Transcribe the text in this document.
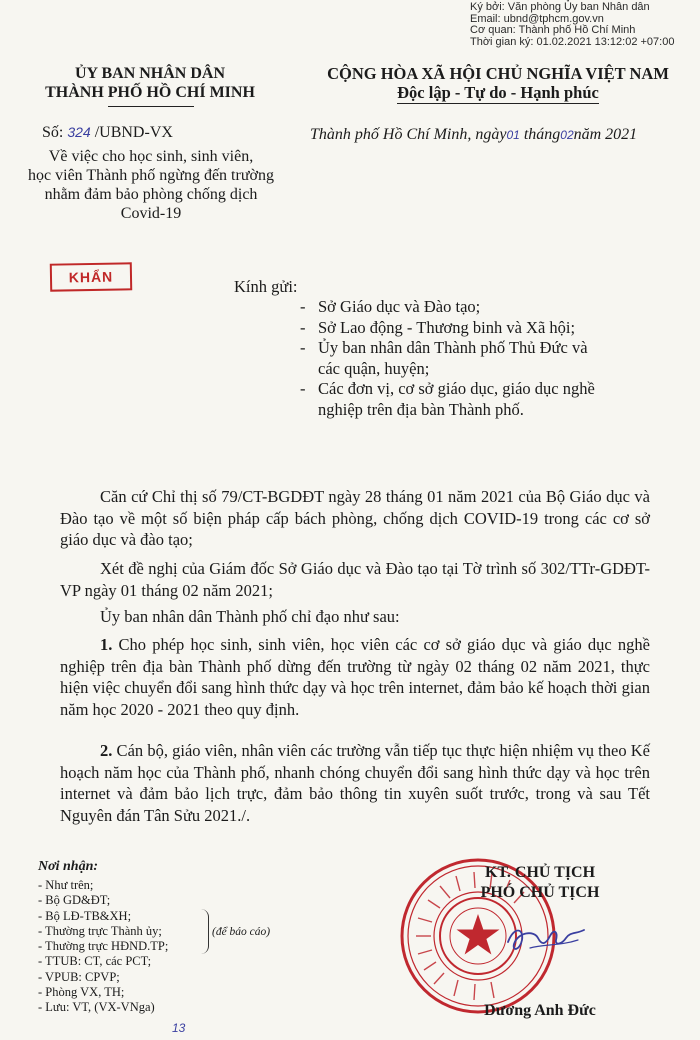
Ký bởi: Văn phòng Ủy ban Nhân dân
Email: ubnd@tphcm.gov.vn
Cơ quan: Thành phố Hồ Chí Minh
Thời gian ký: 01.02.2021 13:12:02 +07:00
ỦY BAN NHÂN DÂN
THÀNH PHỐ HỒ CHÍ MINH
CỘNG HÒA XÃ HỘI CHỦ NGHĨA VIỆT NAM
Độc lập - Tự do - Hạnh phúc
Số: 324 /UBND-VX
Về việc cho học sinh, sinh viên,
học viên Thành phố ngừng đến trường
nhằm đảm bảo phòng chống dịch
Covid-19
Thành phố Hồ Chí Minh, ngày01 tháng02năm 2021
KHẨN	Kính gửi:
- Sở Giáo dục và Đào tạo;
- Sở Lao động - Thương binh và Xã hội;
- Ủy ban nhân dân Thành phố Thủ Đức và
các quận, huyện;
- Các đơn vị, cơ sở giáo dục, giáo dục nghề
nghiệp trên địa bàn Thành phố.

Căn cứ Chỉ thị số 79/CT-BGDĐT ngày 28 tháng 01 năm 2021 của Bộ Giáo dục và Đào tạo về một số biện pháp cấp bách phòng, chống dịch COVID-19 trong các cơ sở giáo dục và đào tạo;

Xét đề nghị của Giám đốc Sở Giáo dục và Đào tạo tại Tờ trình số 302/TTr-GDĐT-VP ngày 01 tháng 02 năm 2021;

Ủy ban nhân dân Thành phố chỉ đạo như sau:

1. Cho phép học sinh, sinh viên, học viên các cơ sở giáo dục và giáo dục nghề nghiệp trên địa bàn Thành phố dừng đến trường từ ngày 02 tháng 02 năm 2021, thực hiện việc chuyển đổi sang hình thức dạy và học trên internet, đảm bảo kế hoạch thời gian năm học 2020 - 2021 theo quy định.

2. Cán bộ, giáo viên, nhân viên các trường vẫn tiếp tục thực hiện nhiệm vụ theo Kế hoạch năm học của Thành phố, nhanh chóng chuyển đổi sang hình thức dạy và học trên internet và đảm bảo lịch trực, đảm bảo thông tin xuyên suốt trước, trong và sau Tết Nguyên đán Tân Sửu 2021./.

Nơi nhận:
- Như trên;
- Bộ GD&ĐT;
- Bộ LĐ-TB&XH;
- Thường trực Thành ủy;
- Thường trực HĐND.TP;
- TTUB: CT, các PCT;
- VPUB: CPVP;
- Phòng VX, TH;
- Lưu: VT, (VX-VNga)
(để báo cáo)
13
KT. CHỦ TỊCH
PHÓ CHỦ TỊCH
Dương Anh Đức
